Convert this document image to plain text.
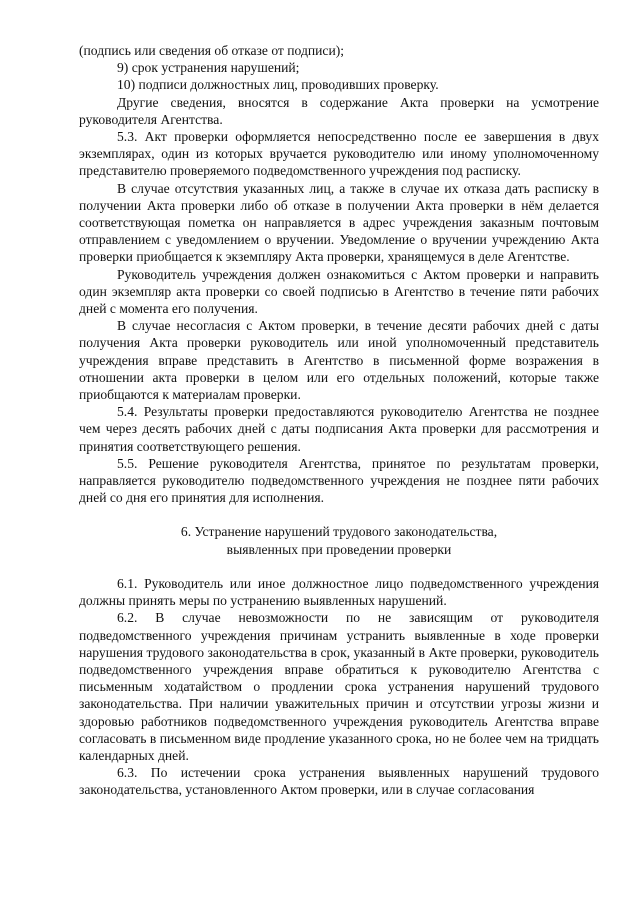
(подпись или сведения об отказе от подписи);

9) срок устранения нарушений;

10) подписи должностных лиц, проводивших проверку.

Другие сведения, вносятся в содержание Акта проверки на усмотрение руководителя Агентства.

5.3. Акт проверки оформляется непосредственно после ее завершения в двух экземплярах, один из которых вручается руководителю или иному уполномоченному представителю проверяемого подведомственного учреждения под расписку.

В случае отсутствия указанных лиц, а также в случае их отказа дать расписку в получении Акта проверки либо об отказе в получении Акта проверки в нём делается соответствующая пометка он направляется в адрес учреждения заказным почтовым отправлением с уведомлением о вручении. Уведомление о вручении учреждению Акта проверки приобщается к экземпляру Акта проверки, хранящемуся в деле Агентстве.

Руководитель учреждения должен ознакомиться с Актом проверки и направить один экземпляр акта проверки со своей подписью в Агентство в течение пяти рабочих дней с момента его получения.

В случае несогласия с Актом проверки, в течение десяти рабочих дней с даты получения Акта проверки руководитель или иной уполномоченный представитель учреждения вправе представить в Агентство в письменной форме возражения в отношении акта проверки в целом или его отдельных положений, которые также приобщаются к материалам проверки.

5.4. Результаты проверки предоставляются руководителю Агентства не позднее чем через десять рабочих дней с даты подписания Акта проверки для рассмотрения и принятия соответствующего решения.

5.5. Решение руководителя Агентства, принятое по результатам проверки, направляется руководителю подведомственного учреждения не позднее пяти рабочих дней со дня его принятия для исполнения.

6. Устранение нарушений трудового законодательства,

выявленных при проведении проверки

6.1. Руководитель или иное должностное лицо подведомственного учреждения должны принять меры по устранению выявленных нарушений.

6.2. В случае невозможности по не зависящим от руководителя подведомственного учреждения причинам устранить выявленные в ходе проверки нарушения трудового законодательства в срок, указанный в Акте проверки, руководитель подведомственного учреждения вправе обратиться к руководителю Агентства с письменным ходатайством о продлении срока устранения нарушений трудового законодательства. При наличии уважительных причин и отсутствии угрозы жизни и здоровью работников подведомственного учреждения руководитель Агентства вправе согласовать в письменном виде продление указанного срока, но не более чем на тридцать календарных дней.

6.3. По истечении срока устранения выявленных нарушений трудового законодательства, установленного Актом проверки, или в случае согласования
